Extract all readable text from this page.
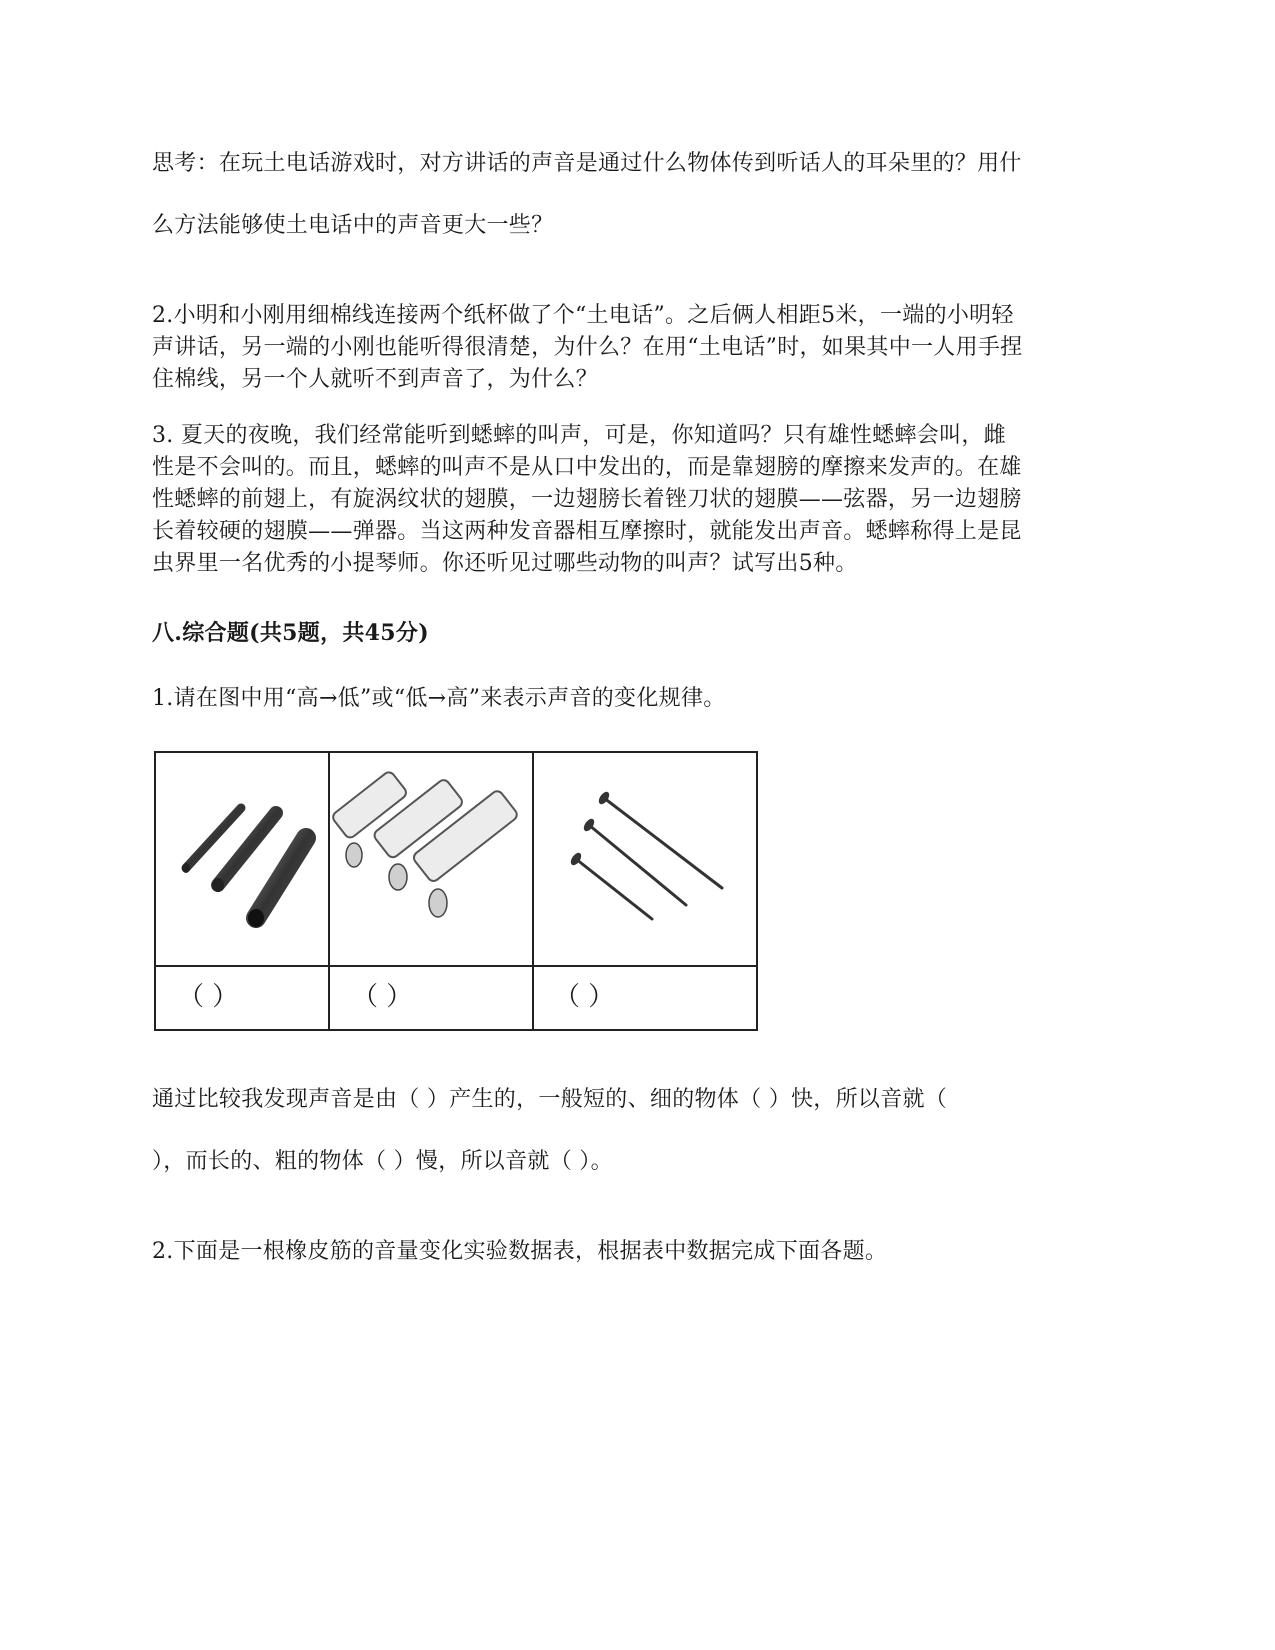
思考：在玩土电话游戏时，对方讲话的声音是通过什么物体传到听话人的耳朵里的？用什
么方法能够使土电话中的声音更大一些？
2.小明和小刚用细棉线连接两个纸杯做了个“土电话”。之后俩人相距5米，一端的小明轻
声讲话，另一端的小刚也能听得很清楚，为什么？在用“土电话”时，如果其中一人用手捏
住棉线，另一个人就听不到声音了，为什么？
3. 夏天的夜晚，我们经常能听到蟋蟀的叫声，可是，你知道吗？只有雄性蟋蟀会叫，雌
性是不会叫的。而且，蟋蟀的叫声不是从口中发出的，而是靠翅膀的摩擦来发声的。在雄
性蟋蟀的前翅上，有旋涡纹状的翅膜，一边翅膀长着锉刀状的翅膜——弦器，另一边翅膀
长着较硬的翅膜——弹器。当这两种发音器相互摩擦时，就能发出声音。蟋蟀称得上是昆
虫界里一名优秀的小提琴师。你还听见过哪些动物的叫声？试写出5种。
八.综合题(共5题，共45分)
1.请在图中用“高→低”或“低→高”来表示声音的变化规律。
（ ）	（ ）	（ ）
通过比较我发现声音是由（ ）产生的，一般短的、细的物体（ ）快，所以音就（
），而长的、粗的物体（ ）慢，所以音就（ ）。
2.下面是一根橡皮筋的音量变化实验数据表，根据表中数据完成下面各题。
